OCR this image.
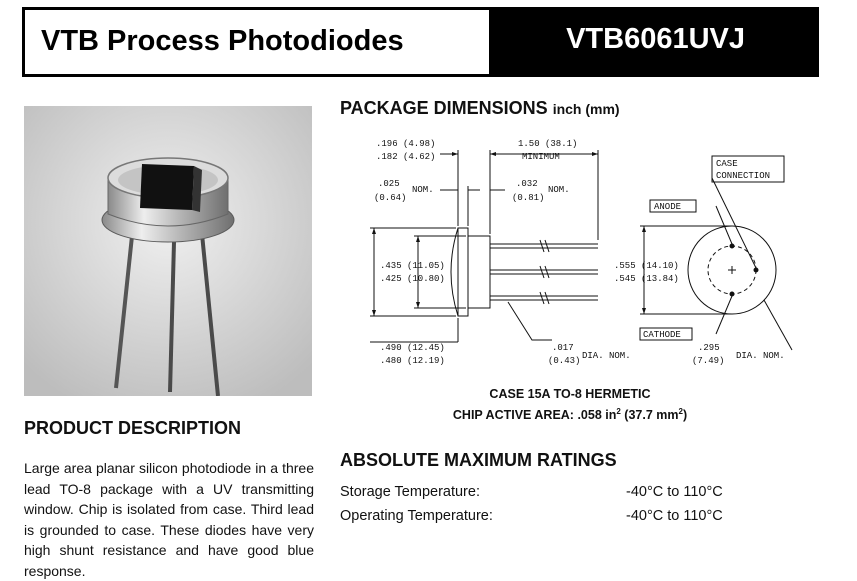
VTB Process Photodiodes	VTB6061UVJ
PRODUCT DESCRIPTION
Large area planar silicon photodiode in a three lead TO-8 package with a UV transmitting window. Chip is isolated from case. Third lead is grounded to case. These diodes have very high shunt resistance and have good blue response.
PACKAGE DIMENSIONS inch (mm)
.196 (4.98)
.182 (4.62)
1.50 (38.1)
MINIMUM
.025
NOM.
(0.64)
.032
NOM.
(0.81)
.435 (11.05)
.425 (10.80)
.490 (12.45)
.480 (12.19)
.017
(0.43) DIA. NOM.
.555 (14.10)
.545 (13.84)
.295
(7.49) DIA. NOM.
CASE
CONNECTION
ANODE
CATHODE
CASE 15A TO-8 HERMETIC
CHIP ACTIVE AREA: .058 $in^2$ (37.7 $mm^2$)
ABSOLUTE MAXIMUM RATINGS
Storage Temperature:	-40°C to 110°C
Operating Temperature:	-40°C to 110°C
